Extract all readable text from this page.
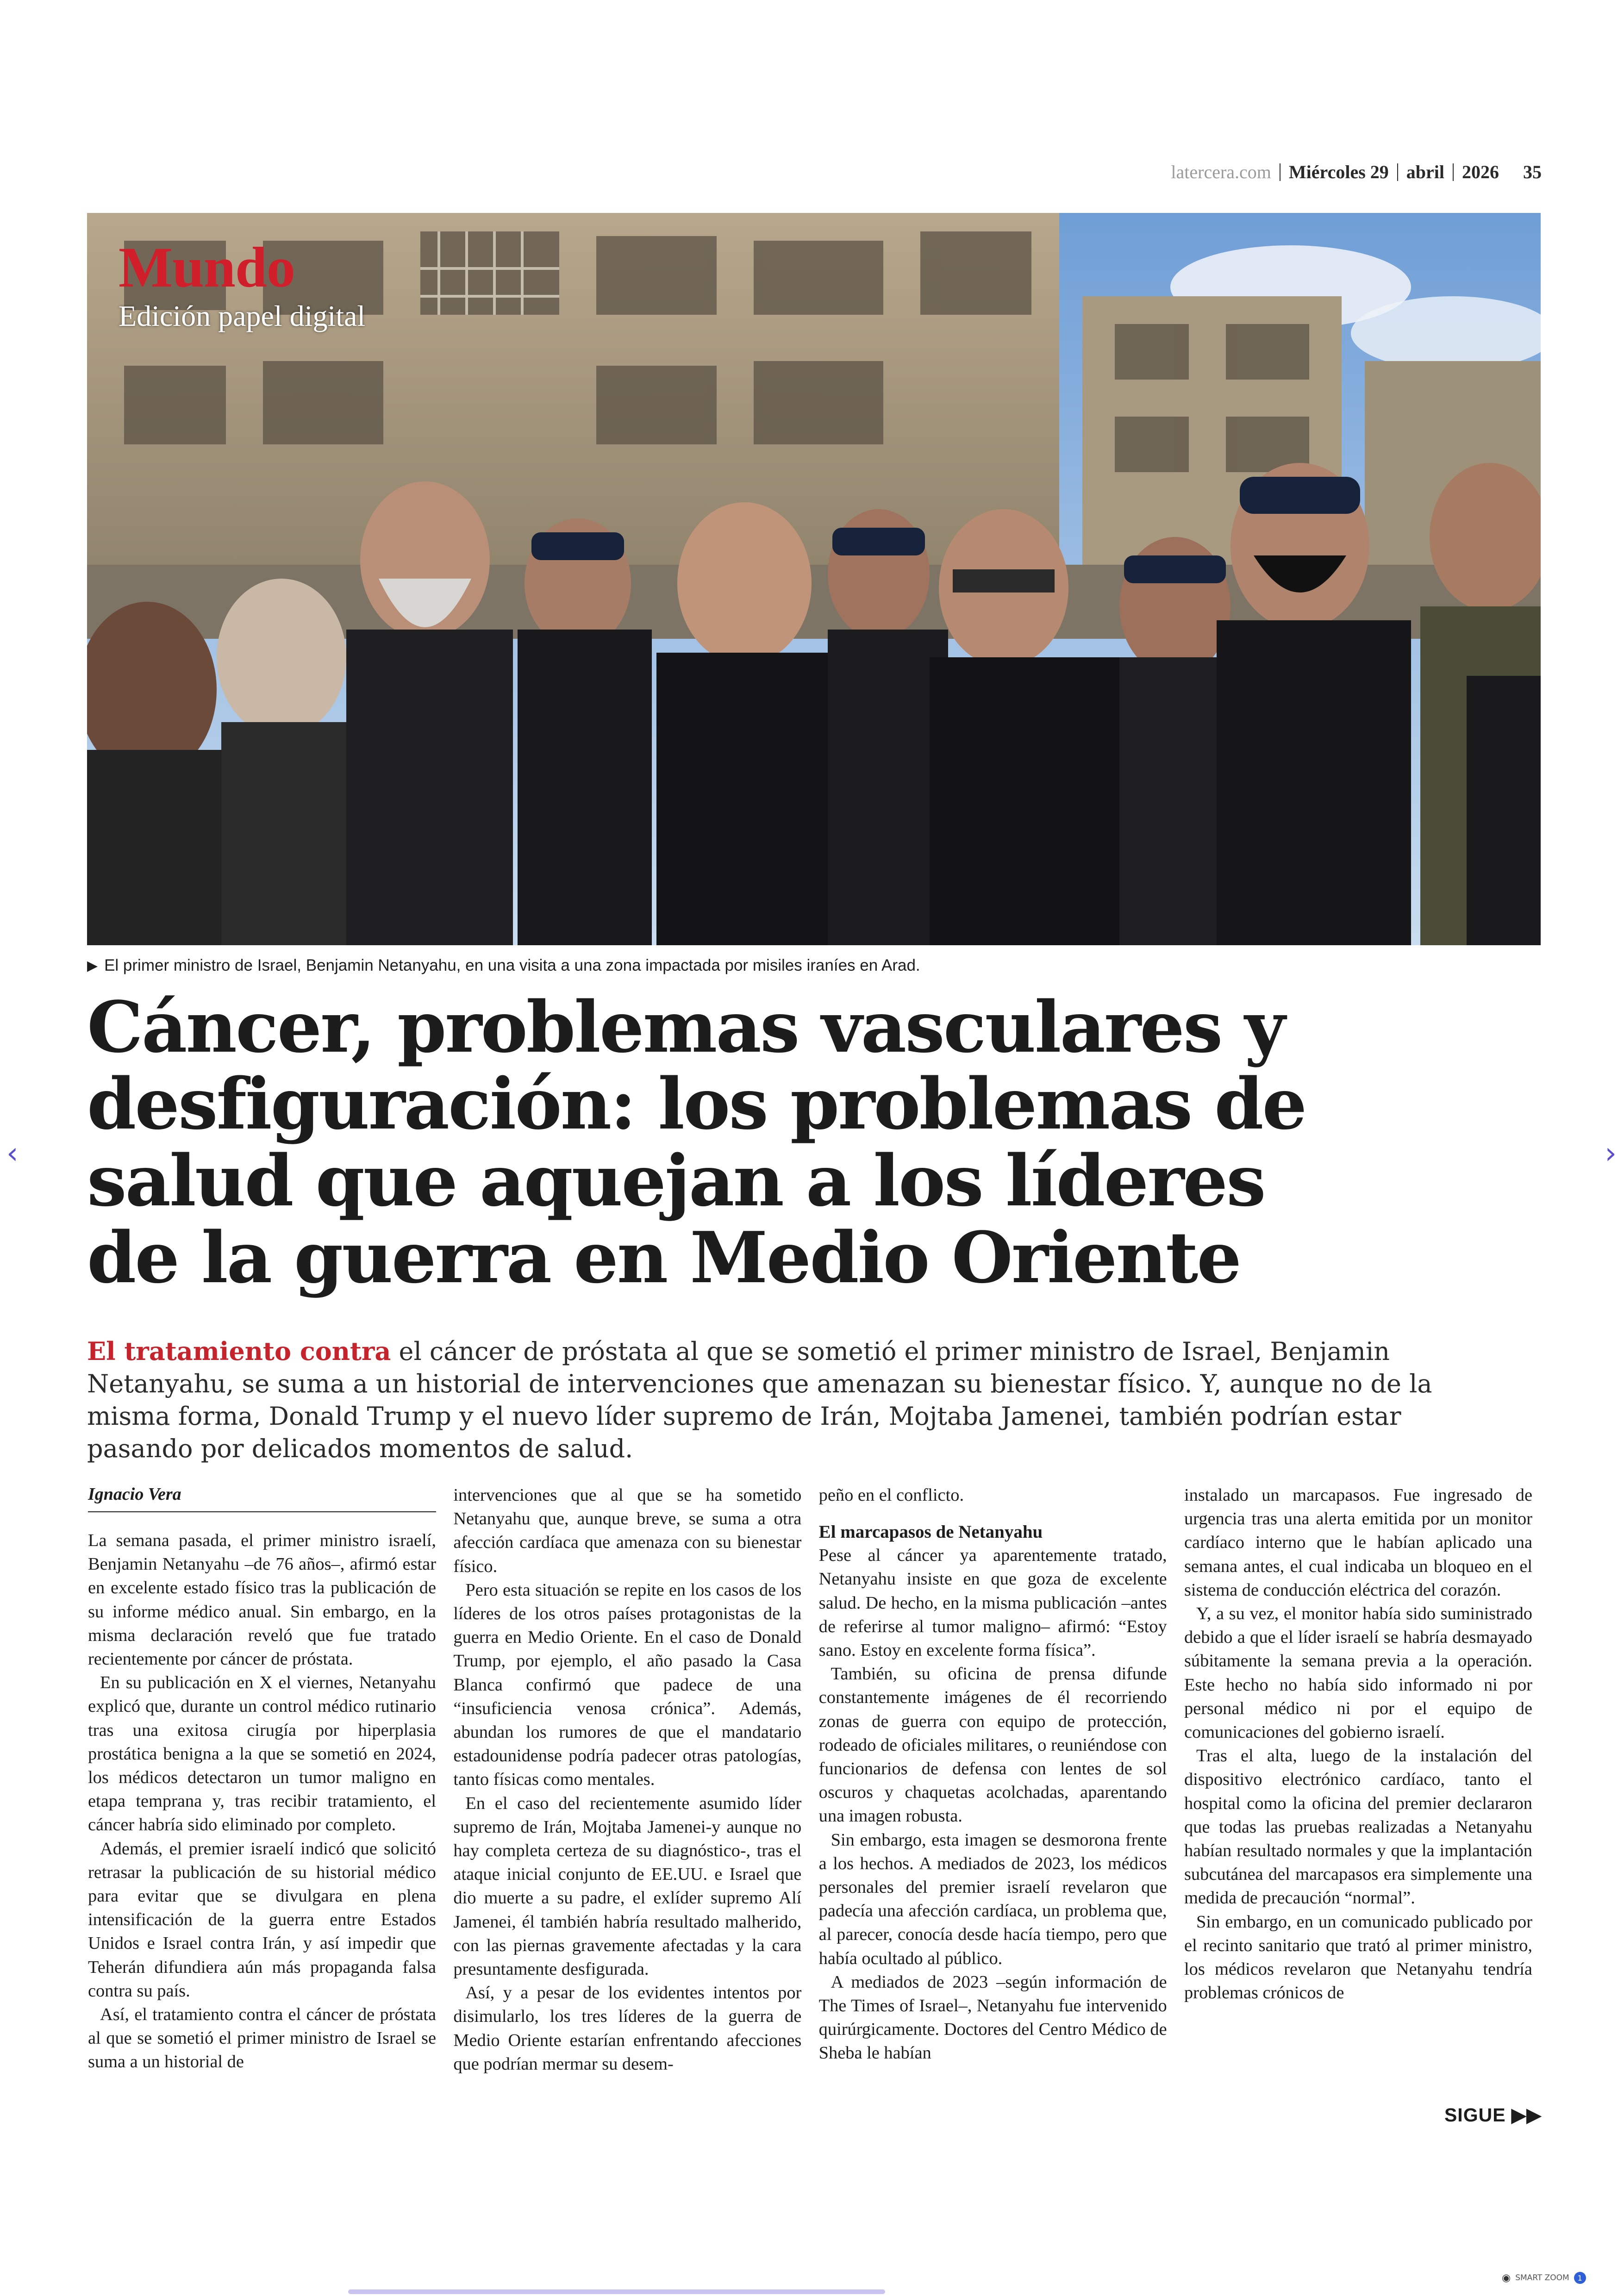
latercera.com Miércoles 29 abril 2026 35
Mundo
Edición papel digital
▶ El primer ministro de Israel, Benjamin Netanyahu, en una visita a una zona impactada por misiles iraníes en Arad.
Cáncer, problemas vasculares y desfiguración: los problemas de salud que aquejan a los líderes de la guerra en Medio Oriente
El tratamiento contra el cáncer de próstata al que se sometió el primer ministro de Israel, Benjamin Netanyahu, se suma a un historial de intervenciones que amenazan su bienestar físico. Y, aunque no de la misma forma, Donald Trump y el nuevo líder supremo de Irán, Mojtaba Jamenei, también podrían estar pasando por delicados momentos de salud.
Ignacio Vera

La semana pasada, el primer ministro israelí, Benjamin Netanyahu –de 76 años–, afirmó estar en excelente estado físico tras la publicación de su informe médico anual. Sin embargo, en la misma declaración reveló que fue tratado recientemente por cáncer de próstata.

En su publicación en X el viernes, Netanyahu explicó que, durante un control médico rutinario tras una exitosa cirugía por hiperplasia prostática benigna a la que se sometió en 2024, los médicos detectaron un tumor maligno en etapa temprana y, tras recibir tratamiento, el cáncer habría sido eliminado por completo.

Además, el premier israelí indicó que solicitó retrasar la publicación de su historial médico para evitar que se divulgara en plena intensificación de la guerra entre Estados Unidos e Israel contra Irán, y así impedir que Teherán difundiera aún más propaganda falsa contra su país.

Así, el tratamiento contra el cáncer de próstata al que se sometió el primer ministro de Israel se suma a un historial de

intervenciones que al que se ha sometido Netanyahu que, aunque breve, se suma a otra afección cardíaca que amenaza con su bienestar físico.

Pero esta situación se repite en los casos de los líderes de los otros países protagonistas de la guerra en Medio Oriente. En el caso de Donald Trump, por ejemplo, el año pasado la Casa Blanca confirmó que padece de una “insuficiencia venosa crónica”. Además, abundan los rumores de que el mandatario estadounidense podría padecer otras patologías, tanto físicas como mentales.

En el caso del recientemente asumido líder supremo de Irán, Mojtaba Jamenei-y aunque no hay completa certeza de su diagnóstico-, tras el ataque inicial conjunto de EE.UU. e Israel que dio muerte a su padre, el exlíder supremo Alí Jamenei, él también habría resultado malherido, con las piernas gravemente afectadas y la cara presuntamente desfigurada.

Así, y a pesar de los evidentes intentos por disimularlo, los tres líderes de la guerra de Medio Oriente estarían enfrentando afecciones que podrían mermar su desem-

peño en el conflicto.

El marcapasos de Netanyahu

Pese al cáncer ya aparentemente tratado, Netanyahu insiste en que goza de excelente salud. De hecho, en la misma publicación –antes de referirse al tumor maligno– afirmó: “Estoy sano. Estoy en excelente forma física”.

También, su oficina de prensa difunde constantemente imágenes de él recorriendo zonas de guerra con equipo de protección, rodeado de oficiales militares, o reuniéndose con funcionarios de defensa con lentes de sol oscuros y chaquetas acolchadas, aparentando una imagen robusta.

Sin embargo, esta imagen se desmorona frente a los hechos. A mediados de 2023, los médicos personales del premier israelí revelaron que padecía una afección cardíaca, un problema que, al parecer, conocía desde hacía tiempo, pero que había ocultado al público.

A mediados de 2023 –según información de The Times of Israel–, Netanyahu fue intervenido quirúrgicamente. Doctores del Centro Médico de Sheba le habían

instalado un marcapasos. Fue ingresado de urgencia tras una alerta emitida por un monitor cardíaco interno que le habían aplicado una semana antes, el cual indicaba un bloqueo en el sistema de conducción eléctrica del corazón.

Y, a su vez, el monitor había sido suministrado debido a que el líder israelí se habría desmayado súbitamente la semana previa a la operación. Este hecho no había sido informado ni por personal médico ni por el equipo de comunicaciones del gobierno israelí.

Tras el alta, luego de la instalación del dispositivo electrónico cardíaco, tanto el hospital como la oficina del premier declararon que todas las pruebas realizadas a Netanyahu habían resultado normales y que la implantación subcutánea del marcapasos era simplemente una medida de precaución “normal”.

Sin embargo, en un comunicado publicado por el recinto sanitario que trató al primer ministro, los médicos revelaron que Netanyahu tendría problemas crónicos de

SIGUE ▶▶
‹	›
◉ SMART ZOOM	1
